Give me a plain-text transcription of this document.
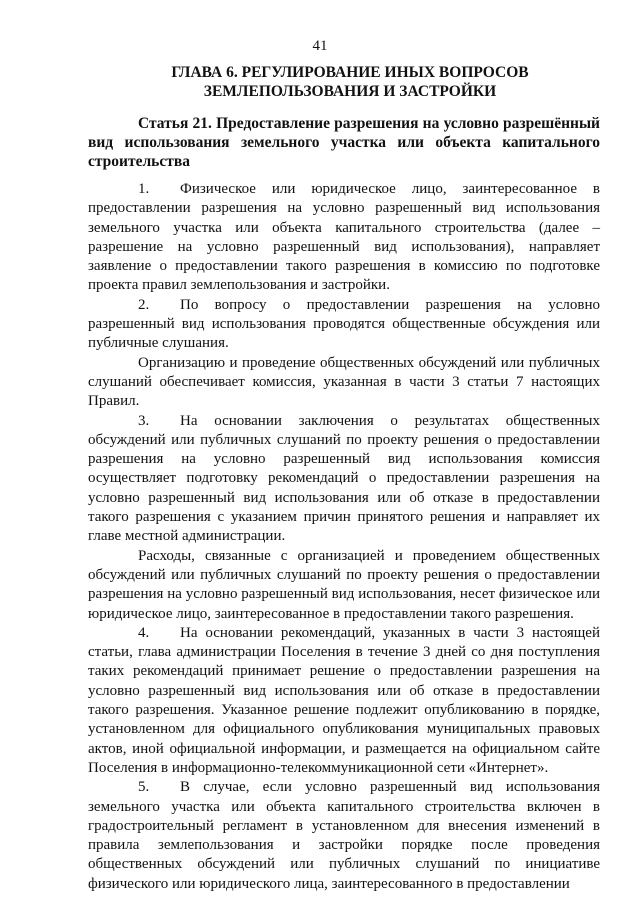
41
ГЛАВА 6. РЕГУЛИРОВАНИЕ ИНЫХ ВОПРОСОВ
ЗЕМЛЕПОЛЬЗОВАНИЯ И ЗАСТРОЙКИ
Статья 21. Предоставление разрешения на условно разрешённый вид использования земельного участка или объекта капитального строительства

1. Физическое или юридическое лицо, заинтересованное в предоставлении разрешения на условно разрешенный вид использования земельного участка или объекта капитального строительства (далее – разрешение на условно разрешенный вид использования), направляет заявление о предоставлении такого разрешения в комиссию по подготовке проекта правил землепользования и застройки.

2. По вопросу о предоставлении разрешения на условно разрешенный вид использования проводятся общественные обсуждения или публичные слушания.

Организацию и проведение общественных обсуждений или публичных слушаний обеспечивает комиссия, указанная в части 3 статьи 7 настоящих Правил.

3. На основании заключения о результатах общественных обсуждений или публичных слушаний по проекту решения о предоставлении разрешения на условно разрешенный вид использования комиссия осуществляет подготовку рекомендаций о предоставлении разрешения на условно разрешенный вид использования или об отказе в предоставлении такого разрешения с указанием причин принятого решения и направляет их главе местной администрации.

Расходы, связанные с организацией и проведением общественных обсуждений или публичных слушаний по проекту решения о предоставлении разрешения на условно разрешенный вид использования, несет физическое или юридическое лицо, заинтересованное в предоставлении такого разрешения.

4. На основании рекомендаций, указанных в части 3 настоящей статьи, глава администрации Поселения в течение 3 дней со дня поступления таких рекомендаций принимает решение о предоставлении разрешения на условно разрешенный вид использования или об отказе в предоставлении такого разрешения. Указанное решение подлежит опубликованию в порядке, установленном для официального опубликования муниципальных правовых актов, иной официальной информации, и размещается на официальном сайте Поселения в информационно-телекоммуникационной сети «Интернет».

5. В случае, если условно разрешенный вид использования земельного участка или объекта капитального строительства включен в градостроительный регламент в установленном для внесения изменений в правила землепользования и застройки порядке после проведения общественных обсуждений или публичных слушаний по инициативе физического или юридического лица, заинтересованного в предоставлении
